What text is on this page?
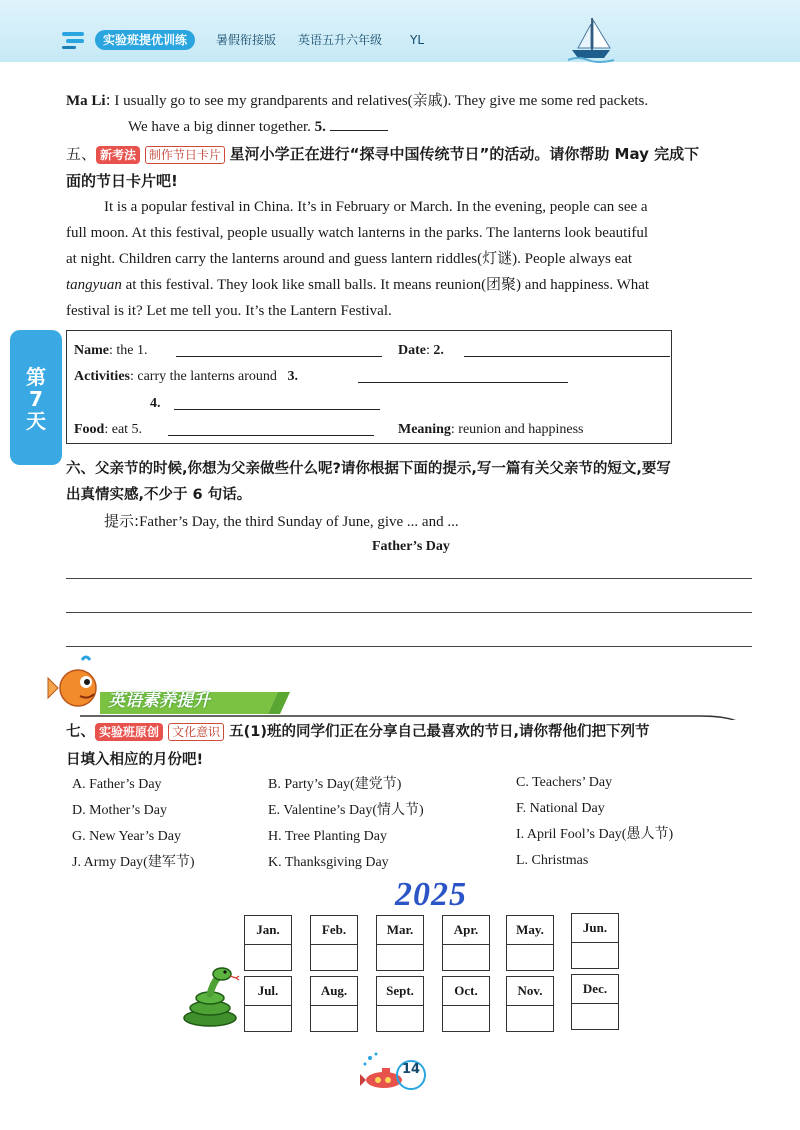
实验班提优训练	暑假衔接版 英语五升六年级 YL
第
7
天
Ma Li: I usually go to see my grandparents and relatives(亲戚). They give me some red packets.
We have a big dinner together. 5.
五、 新考法 制作节日卡片 星河小学正在进行“探寻中国传统节日”的活动。请你帮助 May 完成下
面的节日卡片吧!
It is a popular festival in China. It’s in February or March. In the evening, people can see a
full moon. At this festival, people usually watch lanterns in the parks. The lanterns look beautiful
at night. Children carry the lanterns around and guess lantern riddles(灯谜). People always eat
tangyuan at this festival. They look like small balls. It means reunion(团聚) and happiness. What
festival is it? Let me tell you. It’s the Lantern Festival.
Name: the 1.	Date: 2.
Activities: carry the lanterns around 3.
4.
Food: eat 5.	Meaning: reunion and happiness
六、父亲节的时候,你想为父亲做些什么呢?请你根据下面的提示,写一篇有关父亲节的短文,要写
出真情实感,不少于 6 句话。
提示:Father’s Day, the third Sunday of June, give ... and ...
Father’s Day
英语素养提升
七、 实验班原创 文化意识 五(1)班的同学们正在分享自己最喜欢的节日,请你帮他们把下列节
日填入相应的月份吧!
A. Father’s Day	B. Party’s Day(建党节)	C. Teachers’ Day
D. Mother’s Day	E. Valentine’s Day(情人节)	F. National Day
G. New Year’s Day	H. Tree Planting Day	I. April Fool’s Day(愚人节)
J. Army Day(建军节)	K. Thanksgiving Day	L. Christmas
2025
Jan.	Feb.	Mar.	Apr.	May.	Jun.
Jul.	Aug.	Sept.	Oct.	Nov.	Dec.
14
